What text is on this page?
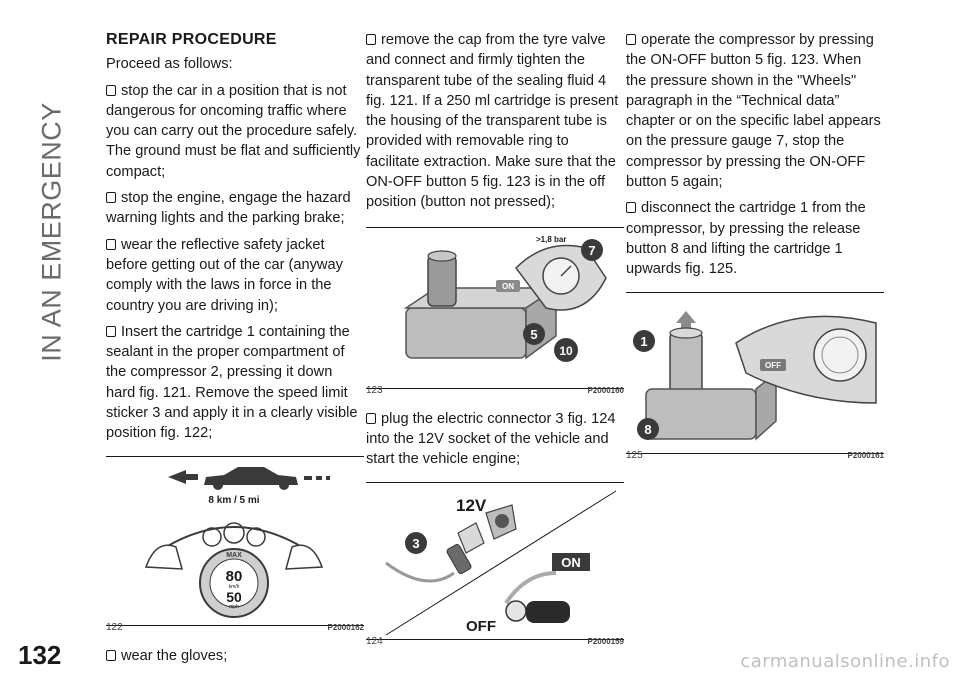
IN AN EMERGENCY
132
REPAIR PROCEDURE

Proceed as follows:

stop the car in a position that is not dangerous for oncoming traffic where you can carry out the procedure safely. The ground must be flat and sufficiently compact;

stop the engine, engage the hazard warning lights and the parking brake;

wear the reflective safety jacket before getting out of the car (anyway comply with the laws in force in the country you are driving in);

Insert the cartridge 1 containing the sealant in the proper compartment of the compressor 2, pressing it down hard fig. 121. Remove the speed limit sticker 3 and apply it in a clearly visible position fig. 122;

8 km / 5 mi
MAX
80
km/h
50
mph
122	P2000162

wear the gloves;

remove the cap from the tyre valve and connect and firmly tighten the transparent tube of the sealing fluid 4 fig. 121. If a 250 ml cartridge is present the housing of the transparent tube is provided with removable ring to facilitate extraction. Make sure that the ON-OFF button 5 fig. 123 is in the off position (button not pressed);

ON
>1,8 bar
7
5
10
123	P2000160

plug the electric connector 3 fig. 124 into the 12V socket of the vehicle and start the vehicle engine;

12V
3
ON
OFF
124	P2000159

operate the compressor by pressing the ON-OFF button 5 fig. 123. When the pressure shown in the "Wheels" paragraph in the “Technical data” chapter or on the specific label appears on the pressure gauge 7, stop the compressor by pressing the ON-OFF button 5 again;

disconnect the cartridge 1 from the compressor, by pressing the release button 8 and lifting the cartridge 1 upwards fig. 125.

OFF
1
8
125	P2000161
carmanualsonline.info
